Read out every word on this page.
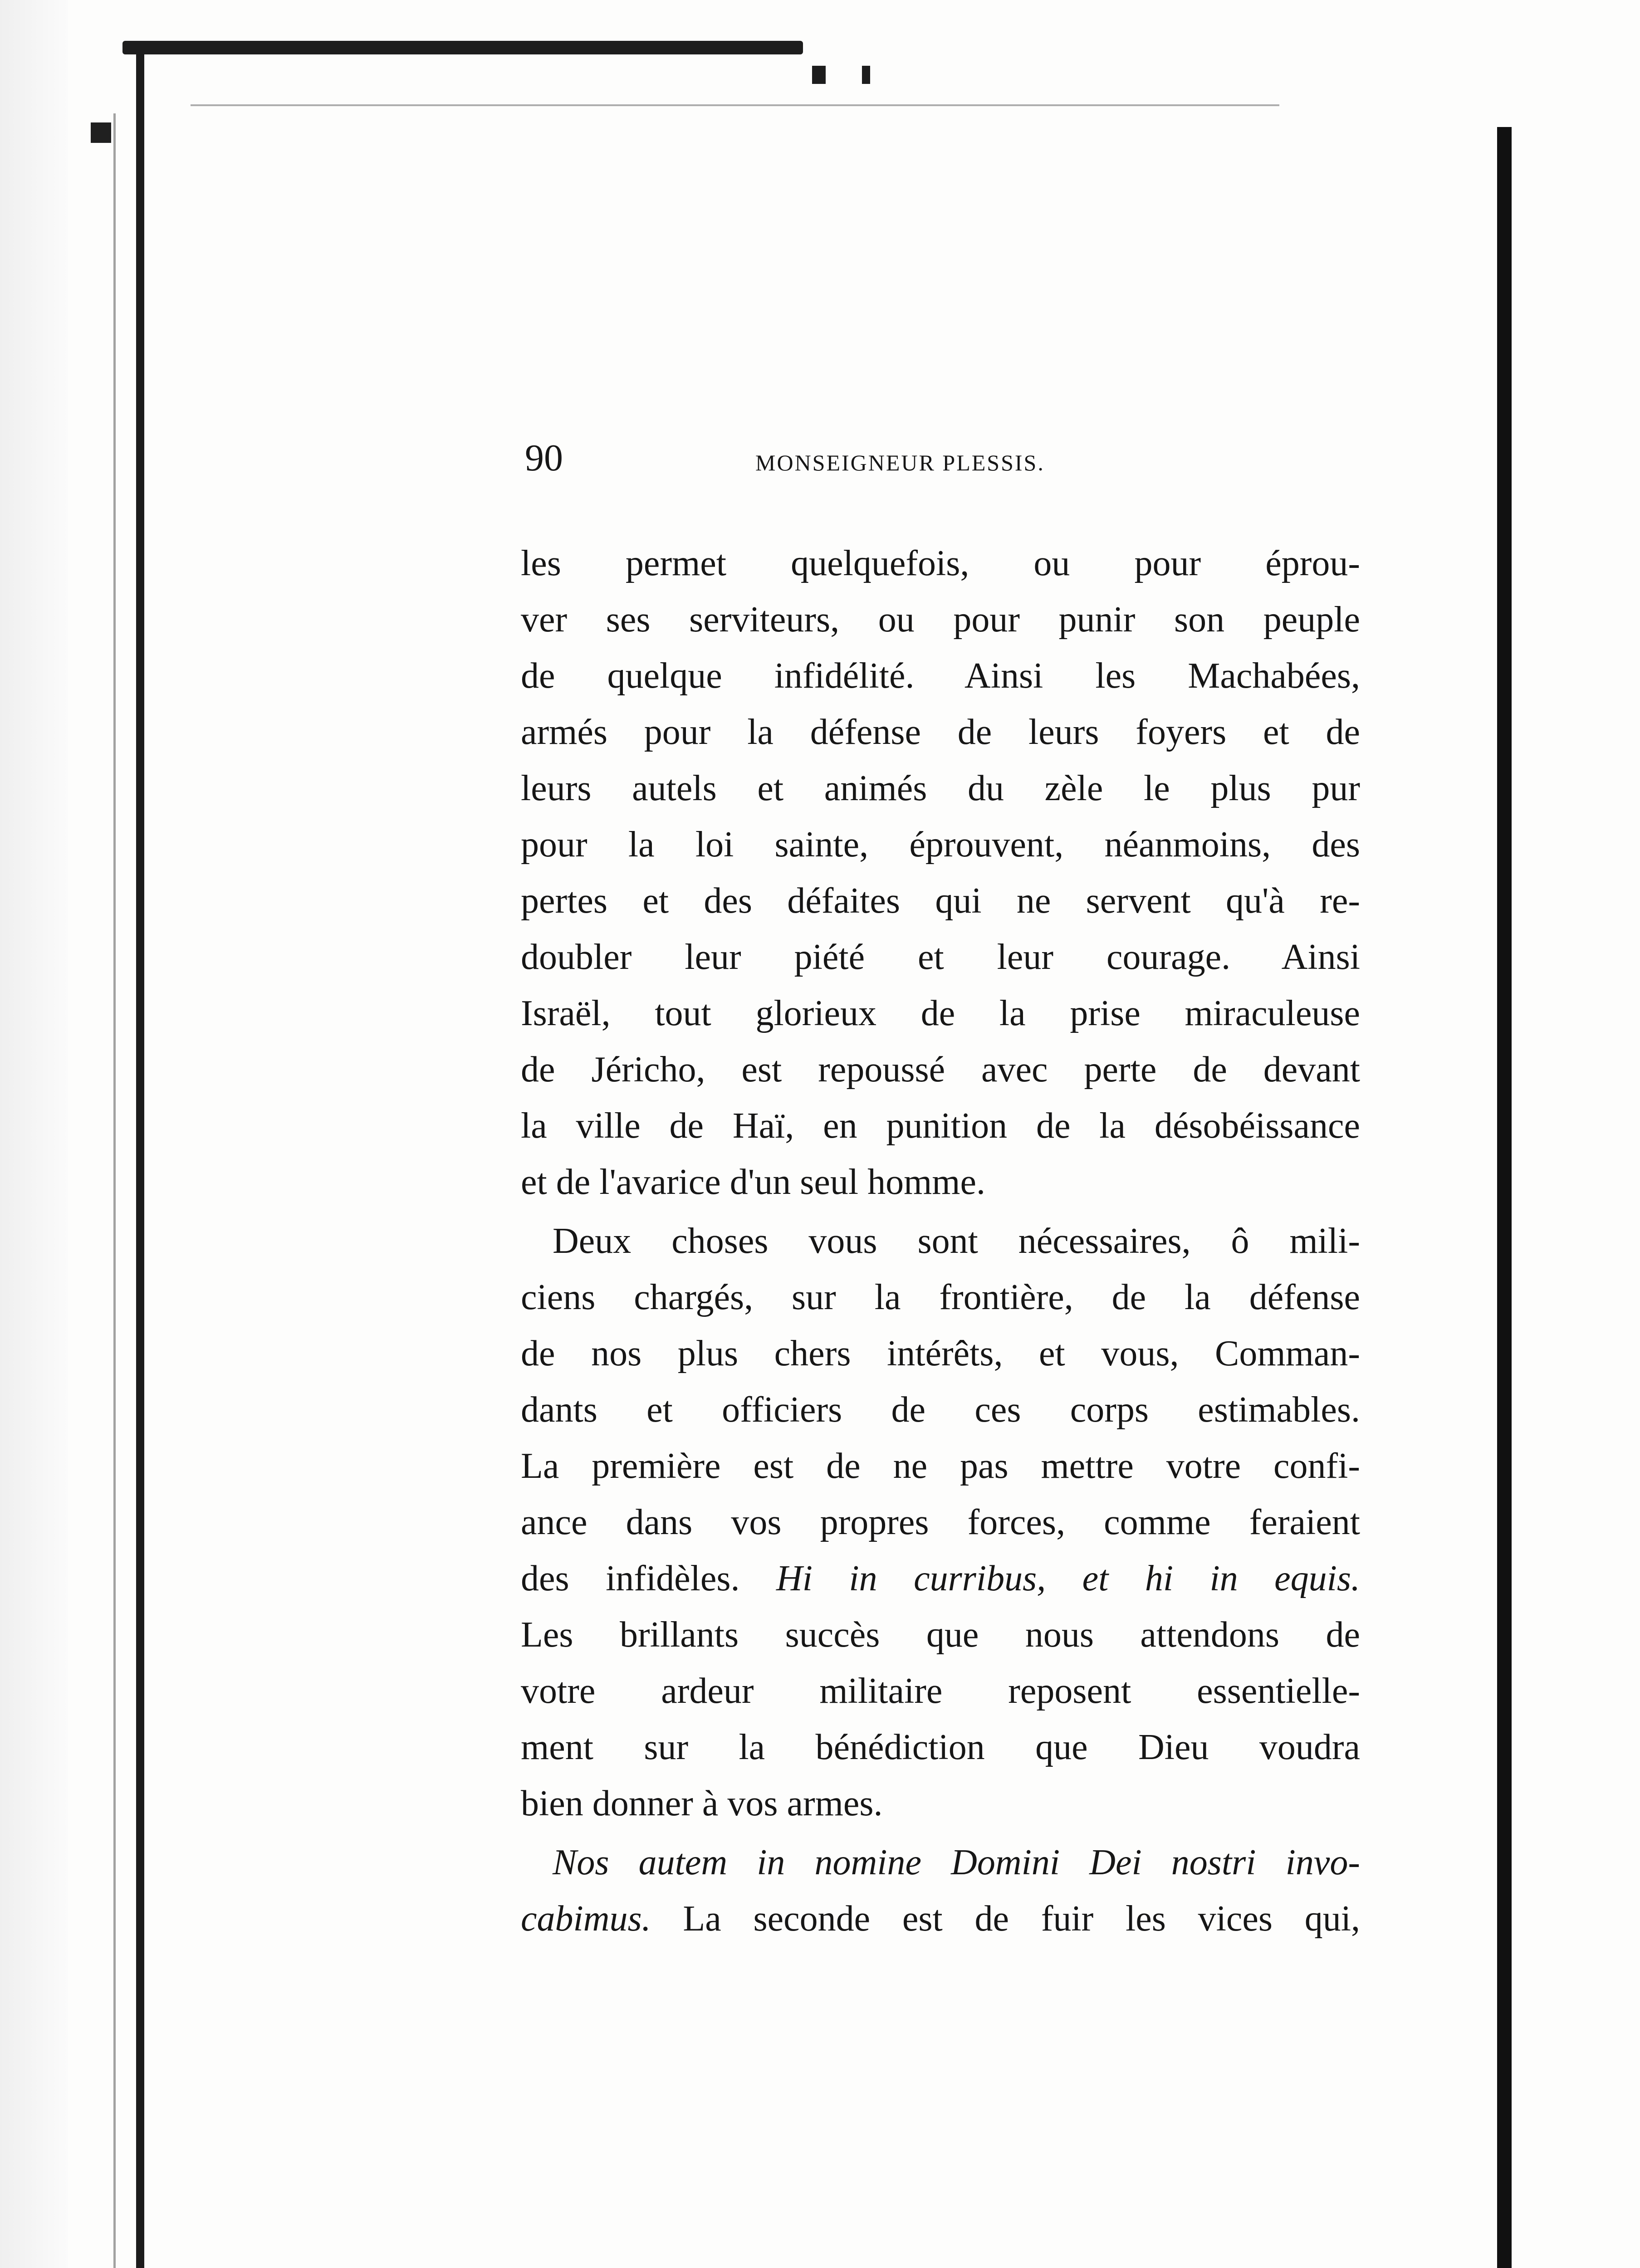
90	MONSEIGNEUR PLESSIS.
les permet quelquefois, ou pour éprou-
ver ses serviteurs, ou pour punir son peuple
de quelque infidélité. Ainsi les Machabées,
armés pour la défense de leurs foyers et de
leurs autels et animés du zèle le plus pur
pour la loi sainte, éprouvent, néanmoins, des
pertes et des défaites qui ne servent qu'à re-
doubler leur piété et leur courage. Ainsi
Israël, tout glorieux de la prise miraculeuse
de Jéricho, est repoussé avec perte de devant
la ville de Haï, en punition de la désobéissance
et de l'avarice d'un seul homme.
Deux choses vous sont nécessaires, ô mili-
ciens chargés, sur la frontière, de la défense
de nos plus chers intérêts, et vous, Comman-
dants et officiers de ces corps estimables.
La première est de ne pas mettre votre confi-
ance dans vos propres forces, comme feraient
des infidèles. Hi in curribus, et hi in equis.
Les brillants succès que nous attendons de
votre ardeur militaire reposent essentielle-
ment sur la bénédiction que Dieu voudra
bien donner à vos armes.
Nos autem in nomine Domini Dei nostri invo-
cabimus. La seconde est de fuir les vices qui,
